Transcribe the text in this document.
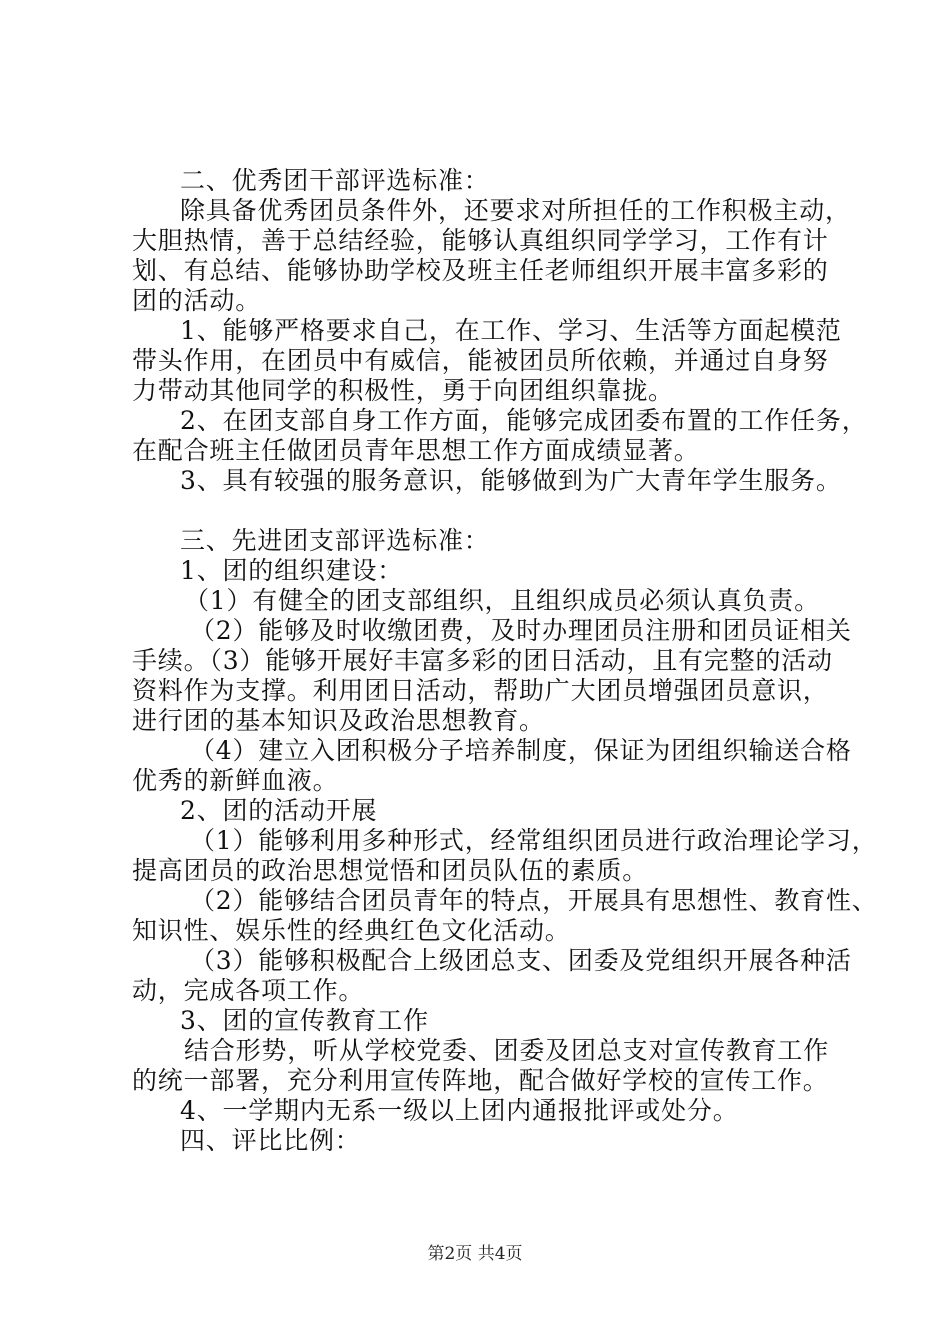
二、优秀团干部评选标准：
除具备优秀团员条件外，还要求对所担任的工作积极主动，
大胆热情，善于总结经验，能够认真组织同学学习，工作有计
划、有总结、能够协助学校及班主任老师组织开展丰富多彩的
团的活动。
1、能够严格要求自己，在工作、学习、生活等方面起模范
带头作用，在团员中有威信，能被团员所依赖，并通过自身努
力带动其他同学的积极性，勇于向团组织靠拢。
2、在团支部自身工作方面，能够完成团委布置的工作任务，
在配合班主任做团员青年思想工作方面成绩显著。
3、具有较强的服务意识，能够做到为广大青年学生服务。
三、先进团支部评选标准：
1、团的组织建设：
（1）有健全的团支部组织，且组织成员必须认真负责。
（2）能够及时收缴团费，及时办理团员注册和团员证相关
手续。（3）能够开展好丰富多彩的团日活动，且有完整的活动
资料作为支撑。利用团日活动，帮助广大团员增强团员意识，
进行团的基本知识及政治思想教育。
（4）建立入团积极分子培养制度，保证为团组织输送合格
优秀的新鲜血液。
2、团的活动开展
（1）能够利用多种形式，经常组织团员进行政治理论学习，
提高团员的政治思想觉悟和团员队伍的素质。
（2）能够结合团员青年的特点，开展具有思想性、教育性、
知识性、娱乐性的经典红色文化活动。
（3）能够积极配合上级团总支、团委及党组织开展各种活
动，完成各项工作。
3、团的宣传教育工作
结合形势，听从学校党委、团委及团总支对宣传教育工作
的统一部署，充分利用宣传阵地，配合做好学校的宣传工作。
4、一学期内无系一级以上团内通报批评或处分。
四、评比比例：
第2页 共4页
